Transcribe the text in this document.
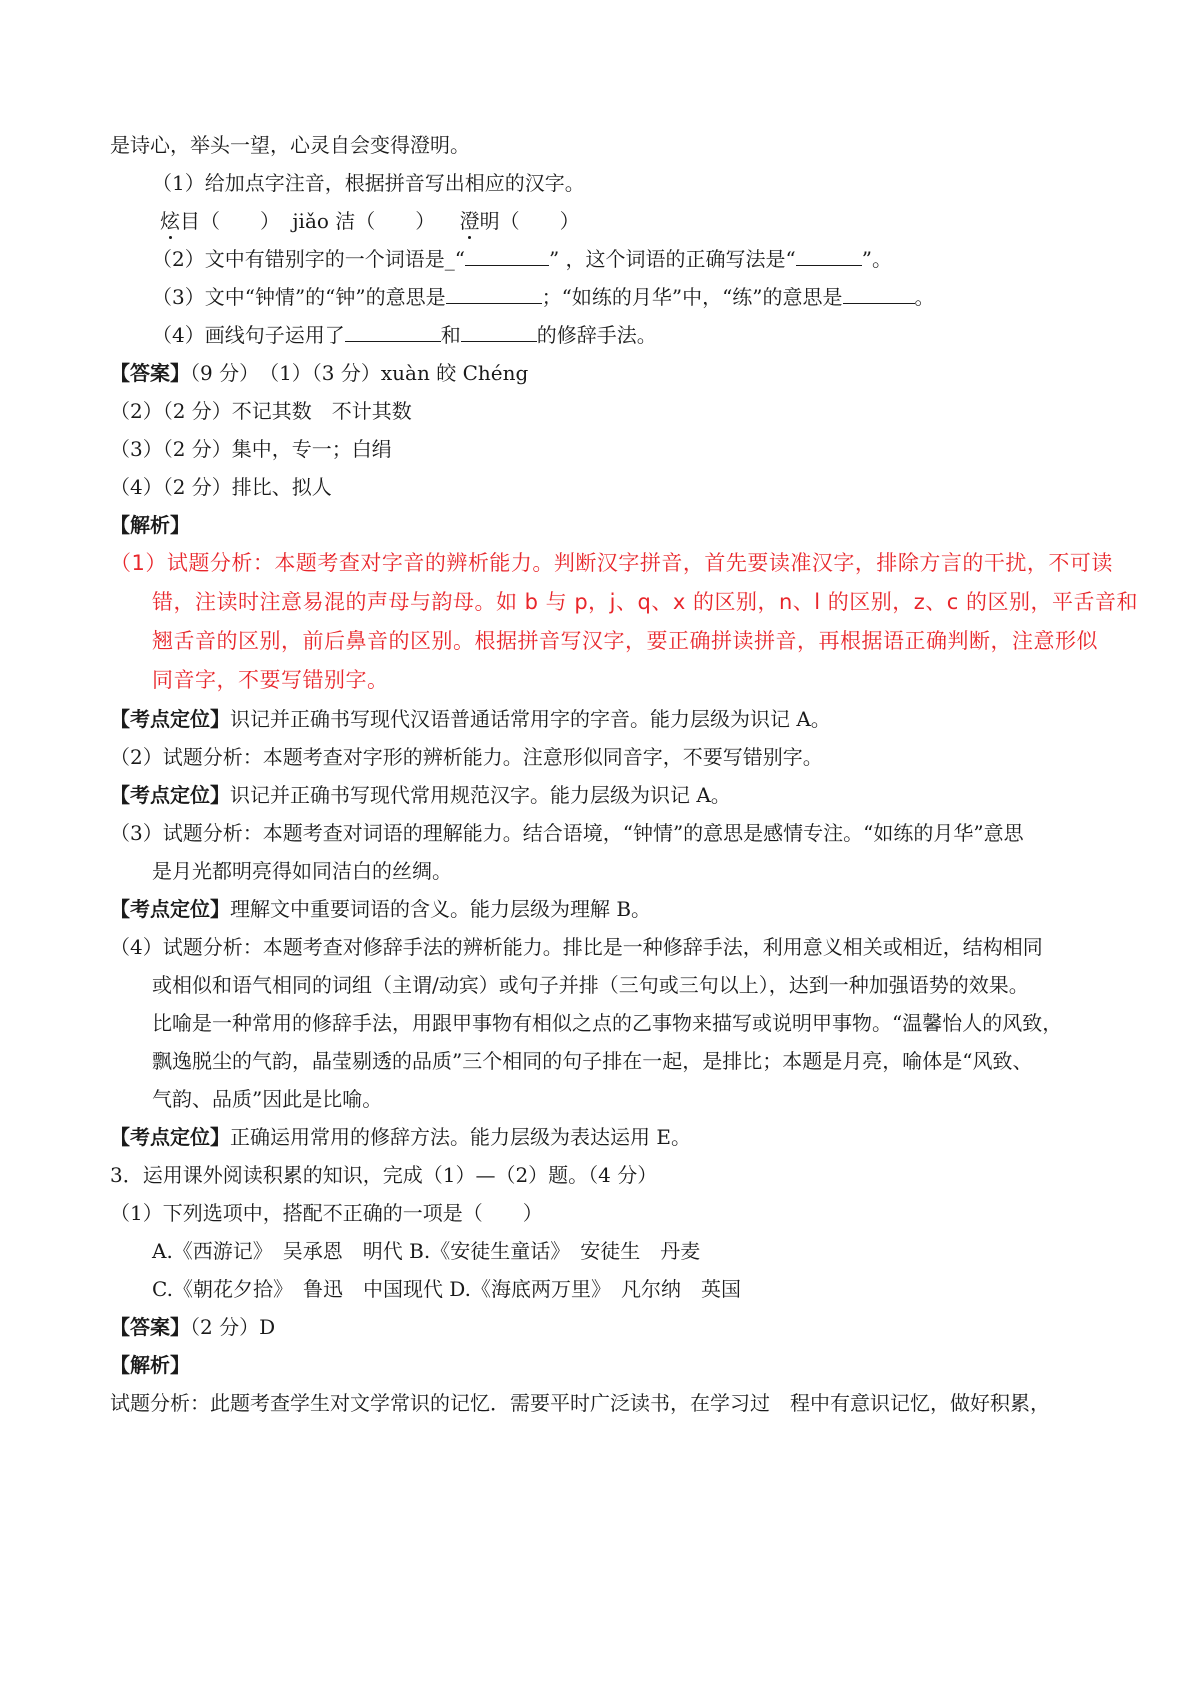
是诗心，举头一望，心灵自会变得澄明。
（1）给加点字注音，根据拼音写出相应的汉字。
炫目（　　） jiǎo 洁（　　） 澄明（　　）
（2）文中有错别字的一个词语是_“	” ，这个词语的正确写法是“	”。
（3）文中“钟情”的“钟”的意思是	；“如练的月华”中，“练”的意思是	。
（4）画线句子运用了	和	的修辞手法。
【答案】（9 分）　（1）（3 分）xuàn 皎 Chéng
（2）（2 分）不记其数　不计其数
（3）（2 分）集中，专一；白绢
（4）（2 分）排比、拟人
【解析】
（1）试题分析：本题考查对字音的辨析能力。判断汉字拼音，首先要读准汉字，排除方言的干扰，不可读
错，注读时注意易混的声母与韵母。如 b 与 p，j、q、x 的区别，n、l 的区别，z、c 的区别，平舌音和
翘舌音的区别，前后鼻音的区别。根据拼音写汉字，要正确拼读拼音，再根据语正确判断，注意形似
同音字，不要写错别字。
【考点定位】识记并正确书写现代汉语普通话常用字的字音。能力层级为识记 A。
（2）试题分析：本题考查对字形的辨析能力。注意形似同音字，不要写错别字。
【考点定位】识记并正确书写现代常用规范汉字。能力层级为识记 A。
（3）试题分析：本题考查对词语的理解能力。结合语境，“钟情”的意思是感情专注。“如练的月华”意思
是月光都明亮得如同洁白的丝绸。
【考点定位】理解文中重要词语的含义。能力层级为理解 B。
（4）试题分析：本题考查对修辞手法的辨析能力。排比是一种修辞手法，利用意义相关或相近，结构相同
或相似和语气相同的词组（主谓/动宾）或句子并排（三句或三句以上），达到一种加强语势的效果。
比喻是一种常用的修辞手法，用跟甲事物有相似之点的乙事物来描写或说明甲事物。“温馨怡人的风致，
飘逸脱尘的气韵，晶莹剔透的品质”三个相同的句子排在一起，是排比；本题是月亮，喻体是“风致、
气韵、品质”因此是比喻。
【考点定位】正确运用常用的修辞方法。能力层级为表达运用 E。
3．运用课外阅读积累的知识，完成（1）—（2）题。（4 分）
（1）下列选项中，搭配不正确的一项是（　　）
A.《西游记》　吴承恩　明代 B.《安徒生童话》　安徒生　丹麦
C.《朝花夕拾》　鲁迅　中国现代 D.《海底两万里》　凡尔纳　英国
【答案】（2 分）D
【解析】
试题分析：此题考查学生对文学常识的记忆．需要平时广泛读书，在学习过　程中有意识记忆，做好积累，
